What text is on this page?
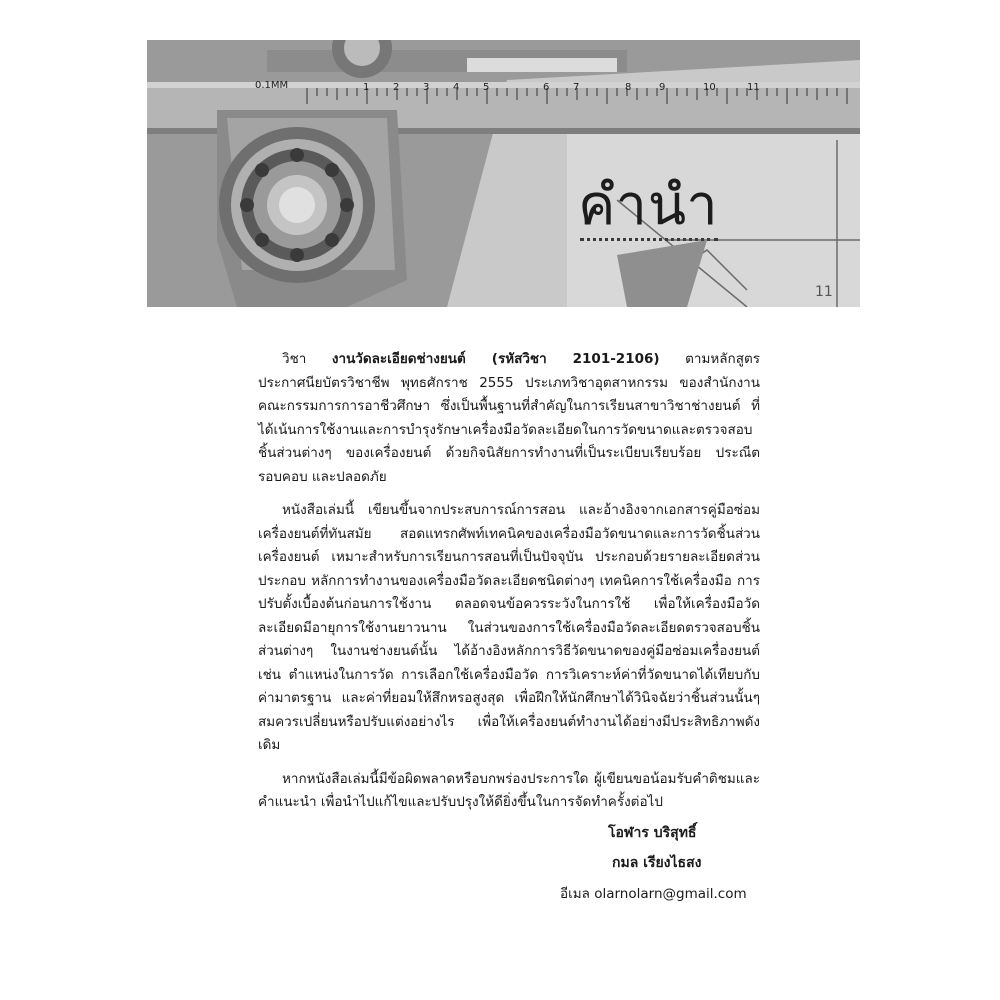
11
0.1MM	1 2 3 4 5	6 7	8	9	10	11
คำนำ

วิชา งานวัดละเอียดช่างยนต์ (รหัสวิชา 2101-2106) ตามหลักสูตรประกาศนียบัตรวิชาชีพ พุทธศักราช 2555 ประเภทวิชาอุตสาหกรรม ของสำนักงานคณะกรรมการการอาชีวศึกษา ซึ่งเป็นพื้นฐานที่สำคัญในการเรียนสาขาวิชาช่างยนต์ ที่ได้เน้นการใช้งานและการบำรุงรักษาเครื่องมือวัดละเอียดในการวัดขนาดและตรวจสอบชิ้นส่วนต่างๆ ของเครื่องยนต์ ด้วยกิจนิสัยการทำงานที่เป็นระเบียบเรียบร้อย ประณีต รอบคอบ และปลอดภัย

หนังสือเล่มนี้ เขียนขึ้นจากประสบการณ์การสอน และอ้างอิงจากเอกสารคู่มือซ่อมเครื่องยนต์ที่ทันสมัย สอดแทรกศัพท์เทคนิคของเครื่องมือวัดขนาดและการวัดชิ้นส่วนเครื่องยนต์ เหมาะสำหรับการเรียนการสอนที่เป็นปัจจุบัน ประกอบด้วยรายละเอียดส่วนประกอบ หลักการทำงานของเครื่องมือวัดละเอียดชนิดต่างๆ เทคนิคการใช้เครื่องมือ การปรับตั้งเบื้องต้นก่อนการใช้งาน ตลอดจนข้อควรระวังในการใช้ เพื่อให้เครื่องมือวัดละเอียดมีอายุการใช้งานยาวนาน ในส่วนของการใช้เครื่องมือวัดละเอียดตรวจสอบชิ้นส่วนต่างๆ ในงานช่างยนต์นั้น ได้อ้างอิงหลักการวิธีวัดขนาดของคู่มือซ่อมเครื่องยนต์ เช่น ตำแหน่งในการวัด การเลือกใช้เครื่องมือวัด การวิเคราะห์ค่าที่วัดขนาดได้เทียบกับค่ามาตรฐาน และค่าที่ยอมให้สึกหรอสูงสุด เพื่อฝึกให้นักศึกษาได้วินิจฉัยว่าชิ้นส่วนนั้นๆ สมควรเปลี่ยนหรือปรับแต่งอย่างไร เพื่อให้เครื่องยนต์ทำงานได้อย่างมีประสิทธิภาพดังเดิม

หากหนังสือเล่มนี้มีข้อผิดพลาดหรือบกพร่องประการใด ผู้เขียนขอน้อมรับคำติชมและคำแนะนำ เพื่อนำไปแก้ไขและปรับปรุงให้ดียิ่งขึ้นในการจัดทำครั้งต่อไป

โอฬาร บริสุทธิ์
กมล เรียงไธสง
อีเมล olarnolarn@gmail.com
